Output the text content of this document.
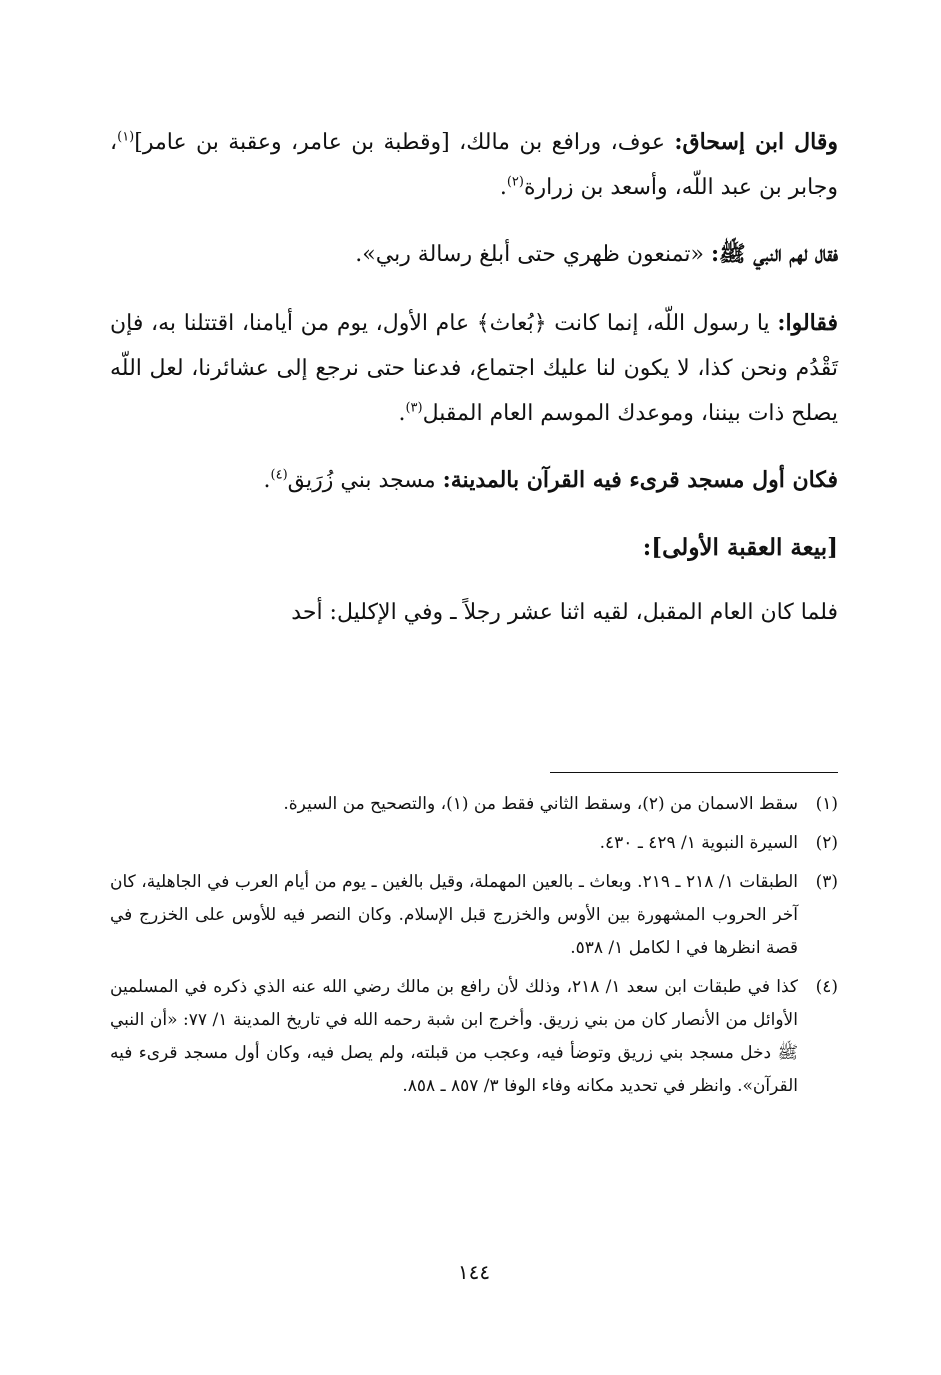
وقال ابن إسحاق: عوف، ورافع بن مالك، [وقطبة بن عامر، وعقبة بن عامر]$^{(١)}$، وجابر بن عبد اللّه، وأسعد بن زرارة$^{(٢)}$.

فقال لهم النبي ﷺ: «تمنعون ظهري حتى أبلغ رسالة ربي».

فقالوا: يا رسول اللّه، إنما كانت ﴿بُعاث﴾ عام الأول، يوم من أيامنا، اقتتلنا به، فإن تَقْدُم ونحن كذا، لا يكون لنا عليك اجتماع، فدعنا حتى نرجع إلى عشائرنا، لعل اللّه يصلح ذات بيننا، وموعدك الموسم العام المقبل$^{(٣)}$.

فكان أول مسجد قرىء فيه القرآن بالمدينة: مسجد بني زُرَيق$^{(٤)}$.

[بيعة العقبة الأولى]:

فلما كان العام المقبل، لقيه اثنا عشر رجلاً ـ وفي الإكليل: أحد

(١)
سقط الاسمان من (٢)، وسقط الثاني فقط من (١)، والتصحيح من السيرة.

(٢)
السيرة النبوية ١/ ٤٢٩ ـ ٤٣٠.

(٣)
الطبقات ١/ ٢١٨ ـ ٢١٩. وبعاث ـ بالعين المهملة، وقيل بالغين ـ يوم من أيام العرب في الجاهلية، كان آخر الحروب المشهورة بين الأوس والخزرج قبل الإسلام. وكان النصر فيه للأوس على الخزرج في قصة انظرها في ا لكامل ١/ ٥٣٨.

(٤)
كذا في طبقات ابن سعد ١/ ٢١٨، وذلك لأن رافع بن مالك رضي الله عنه الذي ذكره في المسلمين الأوائل من الأنصار كان من بني زريق. وأخرج ابن شبة رحمه الله في تاريخ المدينة ١/ ٧٧: «أن النبي ﷺ دخل مسجد بني زريق وتوضأ فيه، وعجب من قبلته، ولم يصل فيه، وكان أول مسجد قرىء فيه القرآن». وانظر في تحديد مكانه وفاء الوفا ٣/ ٨٥٧ ـ ٨٥٨.

١٤٤
